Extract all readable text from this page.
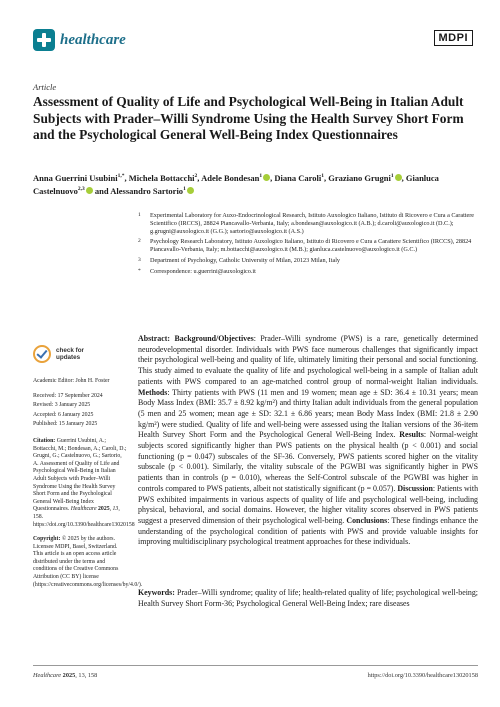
healthcare	MDPI
Article
Assessment of Quality of Life and Psychological Well-Being in Italian Adult Subjects with Prader–Willi Syndrome Using the Health Survey Short Form and the Psychological General Well-Being Index Questionnaires
Anna Guerrini Usubini$^{1,*}$, Michela Bottacchi$^2$, Adele Bondesan$^1$ , Diana Caroli$^1$, Graziano Grugni$^1$ , Gianluca Castelnuovo$^{2,3}$ and Alessandro Sartorio$^1$
1	Experimental Laboratory for Auxo-Endocrinological Research, Istituto Auxologico Italiano, Istituto di Ricovero e Cura a Carattere Scientifico (IRCCS), 28824 Piancavallo-Verbania, Italy; a.bondesan@auxologico.it (A.B.); d.caroli@auxologico.it (D.C.); g.grugni@auxologico.it (G.G.); sartorio@auxologico.it (A.S.)
2	Psychology Research Laboratory, Istituto Auxologico Italiano, Istituto di Ricovero e Cura a Carattere Scientifico (IRCCS), 28824 Piancavallo-Verbania, Italy; m.bottacchi@auxologico.it (M.B.); gianluca.castelnuovo@auxologico.it (G.C.)
3	Department of Psychology, Catholic University of Milan, 20123 Milan, Italy
*	Correspondence: u.guerrini@auxologico.it
check for
updates

Academic Editor: John H. Foster

Received: 17 September 2024

Revised: 3 January 2025

Accepted: 6 January 2025

Published: 15 January 2025

Citation: Guerrini Usubini, A.; Bottacchi, M.; Bondesan, A.; Caroli, D.; Grugni, G.; Castelnuovo, G.; Sartorio, A. Assessment of Quality of Life and Psychological Well-Being in Italian Adult Subjects with Prader–Willi Syndrome Using the Health Survey Short Form and the Psychological General Well-Being Index Questionnaires. Healthcare 2025, 13, 158. https://doi.org/10.3390/healthcare13020158

Copyright: © 2025 by the authors. Licensee MDPI, Basel, Switzerland. This article is an open access article distributed under the terms and conditions of the Creative Commons Attribution (CC BY) license (https://creativecommons.org/licenses/by/4.0/).

Abstract: Background/Objectives: Prader–Willi syndrome (PWS) is a rare, genetically determined neurodevelopmental disorder. Individuals with PWS face numerous challenges that significantly impact their psychological well-being and quality of life, ultimately limiting their personal and social functioning. This study aimed to evaluate the quality of life and psychological well-being in a sample of Italian adult patients with PWS compared to an age-matched control group of normal-weight Italian individuals. Methods: Thirty patients with PWS (11 men and 19 women; mean age ± SD: 36.4 ± 10.31 years; mean Body Mass Index (BMI: 35.7 ± 8.92 kg/m²) and thirty Italian adult individuals from the general population (5 men and 25 women; mean age ± SD: 32.1 ± 6.86 years; mean Body Mass Index (BMI: 21.8 ± 2.90 kg/m²) were studied. Quality of life and well-being were assessed using the Italian versions of the 36-item Health Survey Short Form and the Psychological General Well-Being Index. Results: Normal-weight subjects scored significantly higher than PWS patients on the physical health (p < 0.001) and social functioning (p = 0.047) subscales of the SF-36. Conversely, PWS patients scored higher on the vitality subscale (p < 0.001). Similarly, the vitality subscale of the PGWBI was significantly higher in PWS patients than in controls (p = 0.010), whereas the Self-Control subscale of the PGWBI was higher in controls compared to PWS patients, albeit not statistically significant (p = 0.057). Discussion: Patients with PWS exhibited impairments in various aspects of quality of life and psychological well-being, including physical, behavioral, and social domains. However, the higher vitality scores observed in PWS patients suggest a preserved dimension of their psychological well-being. Conclusions: These findings enhance the understanding of the psychological condition of patients with PWS and provide valuable insights for improving multidisciplinary psychological treatment approaches for these individuals.
Keywords: Prader–Willi syndrome; quality of life; health-related quality of life; psychological well-being; Health Survey Short Form-36; Psychological General Well-Being Index; rare diseases
Healthcare 2025, 13, 158	https://doi.org/10.3390/healthcare13020158
